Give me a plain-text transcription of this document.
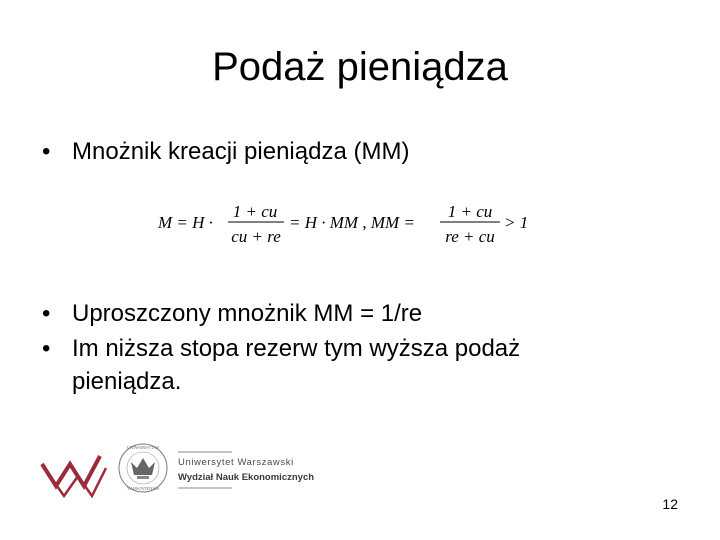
Podaż pieniądza
• Mnożnik kreacji pieniądza (MM)
M = H ·
1 + cu
cu + re
= H · MM , MM =
1 + cu
re + cu
> 1
• Uproszczony mnożnik MM = 1/re
• Im niższa stopa rezerw tym wyższa podaż
pieniądza.
UNIWERSYTAS
VARSOVIENSIS
Uniwersytet Warszawski
Wydział Nauk Ekonomicznych
12
